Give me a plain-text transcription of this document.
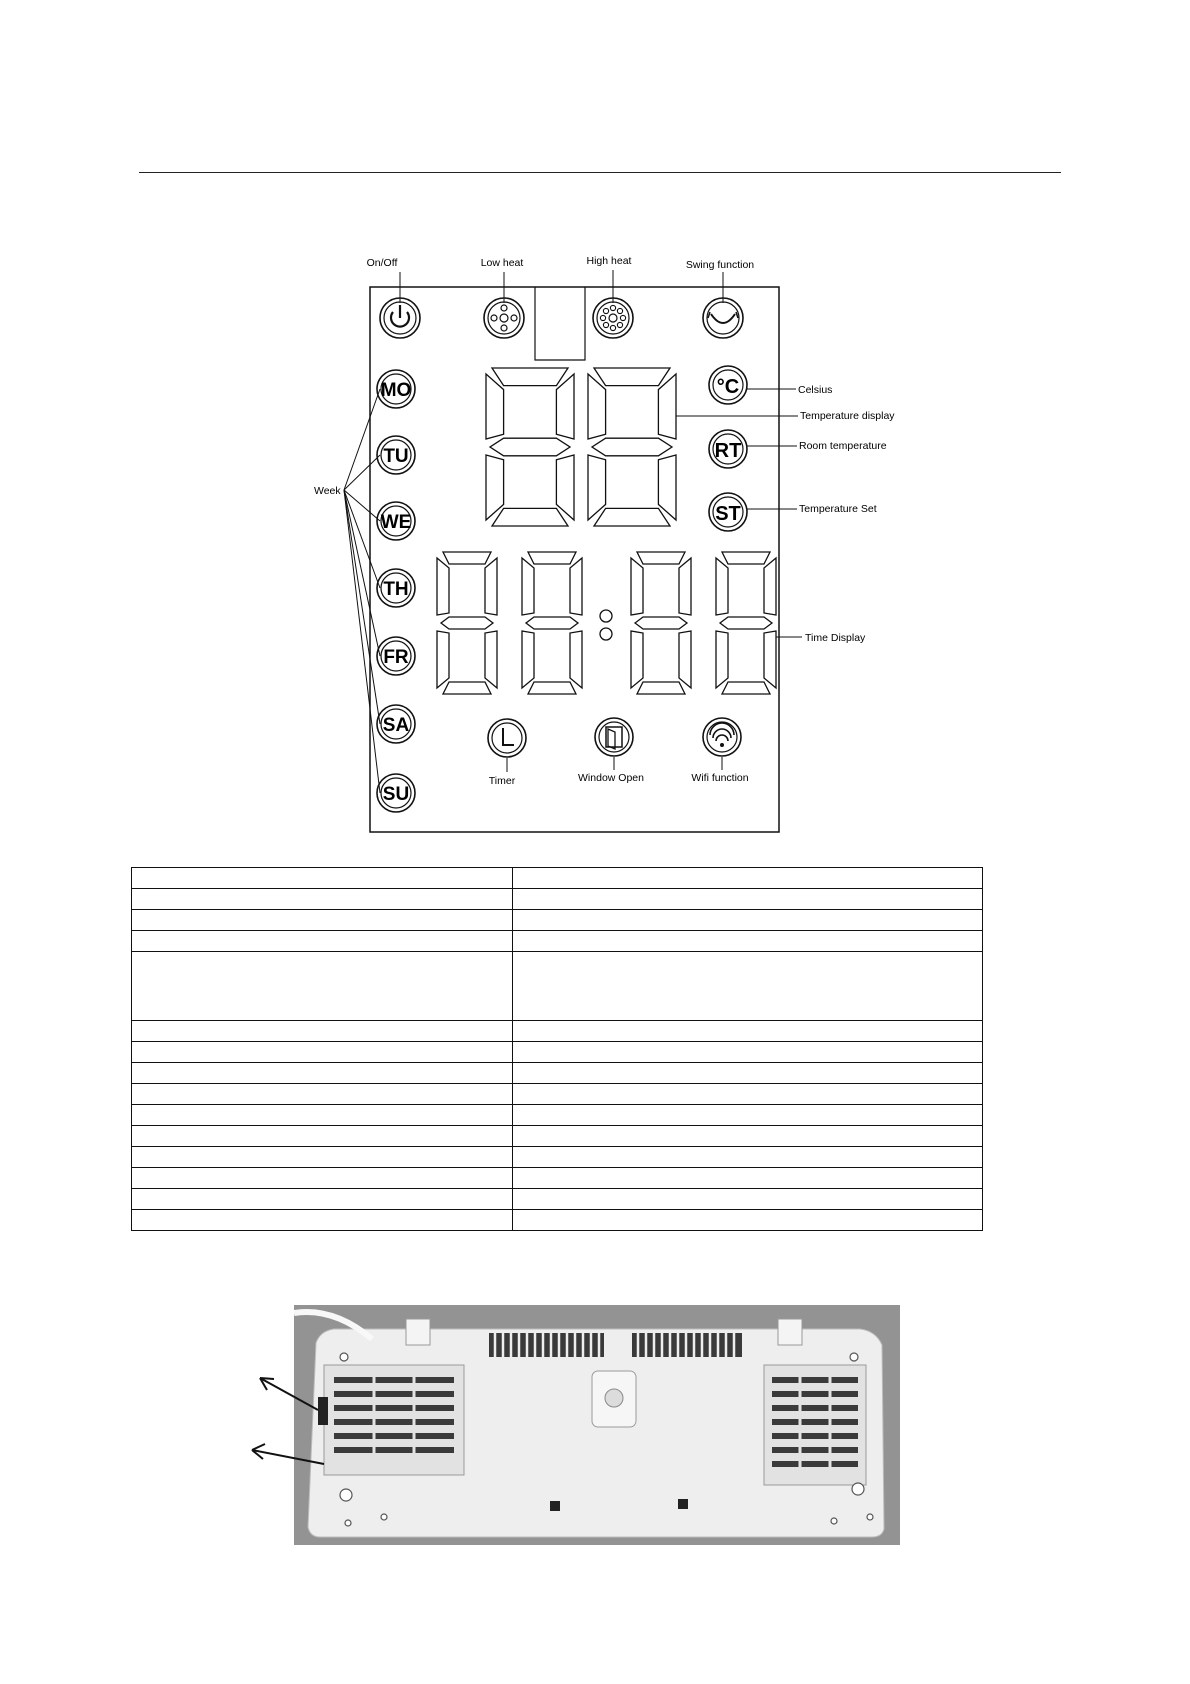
On/Off	Low heat	High heat	Swing function
°C
RT
ST
Celsius
Temperature display
Room temperature
Temperature Set
Time Display
MO
TU
WE
TH
FR
SA
SU
Week
Timer	Window Open	Wifi function
